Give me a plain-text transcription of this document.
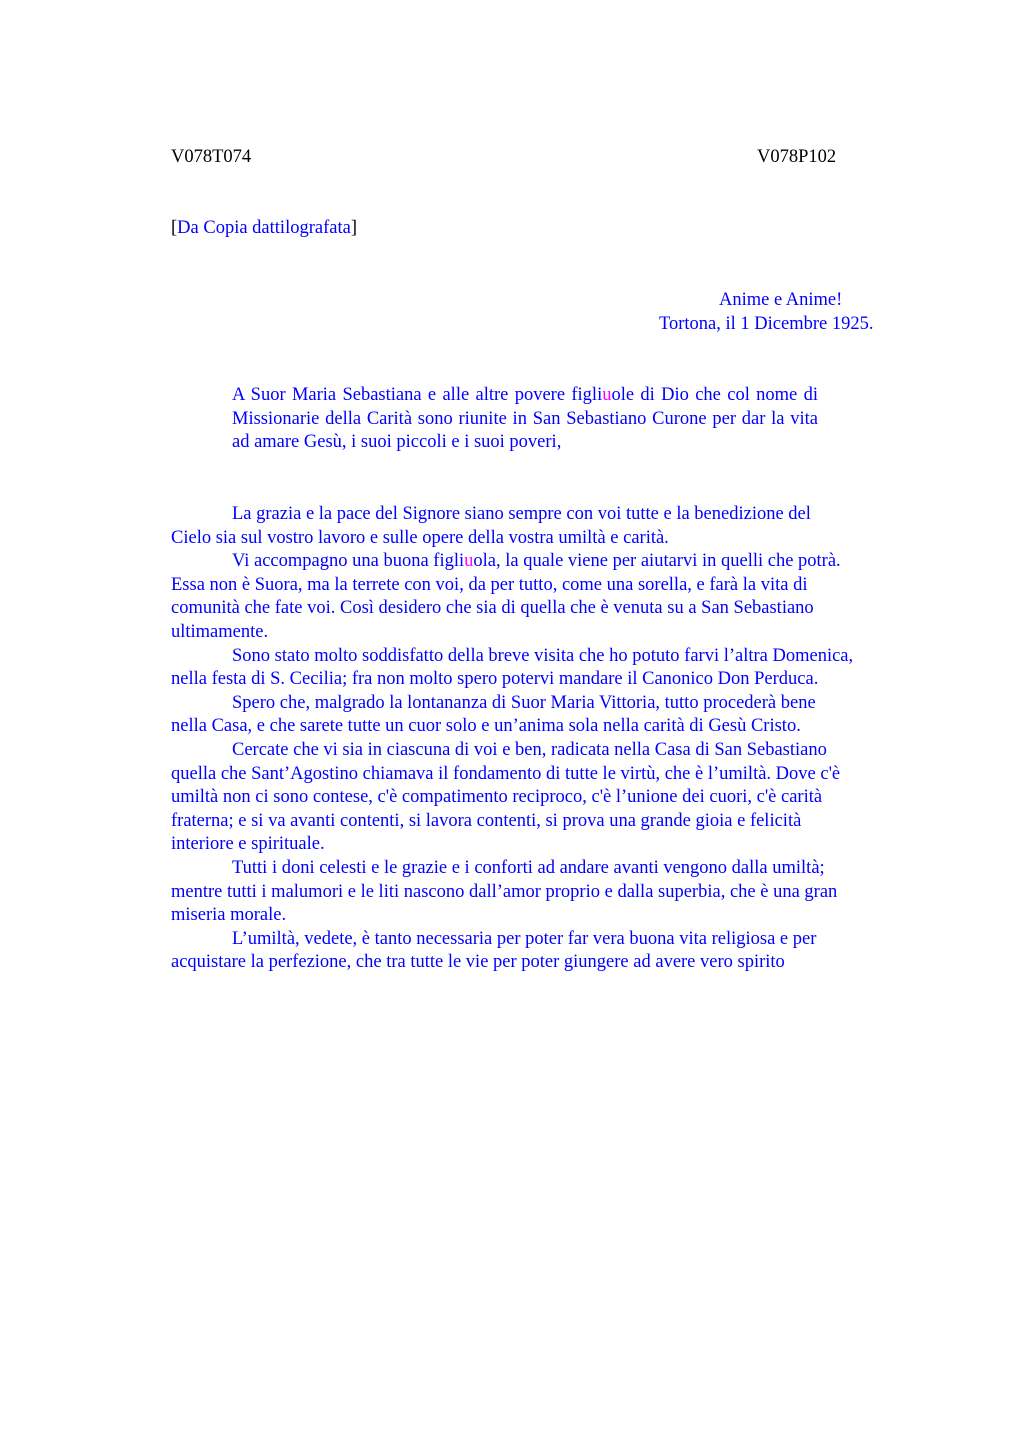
V078T074	V078P102

[Da Copia dattilografata]

Anime e Anime!

Tortona, il 1 Dicembre 1925.

A Suor Maria Sebastiana e alle altre povere figliuole di Dio che col nome di Missionarie della Carità sono riunite in San Sebastiano Curone per dar la vita ad amare Gesù, i suoi piccoli e i suoi poveri,

La grazia e la pace del Signore siano sempre con voi tutte e la benedizione del
Cielo sia sul vostro lavoro e sulle opere della vostra umiltà e carità.

Vi accompagno una buona figliuola, la quale viene per aiutarvi in quelli che potrà.
Essa non è Suora, ma la terrete con voi, da per tutto, come una sorella, e farà la vita di
comunità che fate voi. Così desidero che sia di quella che è venuta su a San Sebastiano
ultimamente.

Sono stato molto soddisfatto della breve visita che ho potuto farvi l’altra Domenica,
nella festa di S. Cecilia; fra non molto spero potervi mandare il Canonico Don Perduca.

Spero che, malgrado la lontananza di Suor Maria Vittoria, tutto procederà bene
nella Casa, e che sarete tutte un cuor solo e un’anima sola nella carità di Gesù Cristo.

Cercate che vi sia in ciascuna di voi e ben, radicata nella Casa di San Sebastiano
quella che Sant’Agostino chiamava il fondamento di tutte le virtù, che è l’umiltà. Dove c'è
umiltà non ci sono contese, c'è compatimento reciproco, c'è l’unione dei cuori, c'è carità
fraterna; e si va avanti contenti, si lavora contenti, si prova una grande gioia e felicità
interiore e spirituale.

Tutti i doni celesti e le grazie e i conforti ad andare avanti vengono dalla umiltà;
mentre tutti i malumori e le liti nascono dall’amor proprio e dalla superbia, che è una gran
miseria morale.

L’umiltà, vedete, è tanto necessaria per poter far vera buona vita religiosa e per
acquistare la perfezione, che tra tutte le vie per poter giungere ad avere vero spirito
